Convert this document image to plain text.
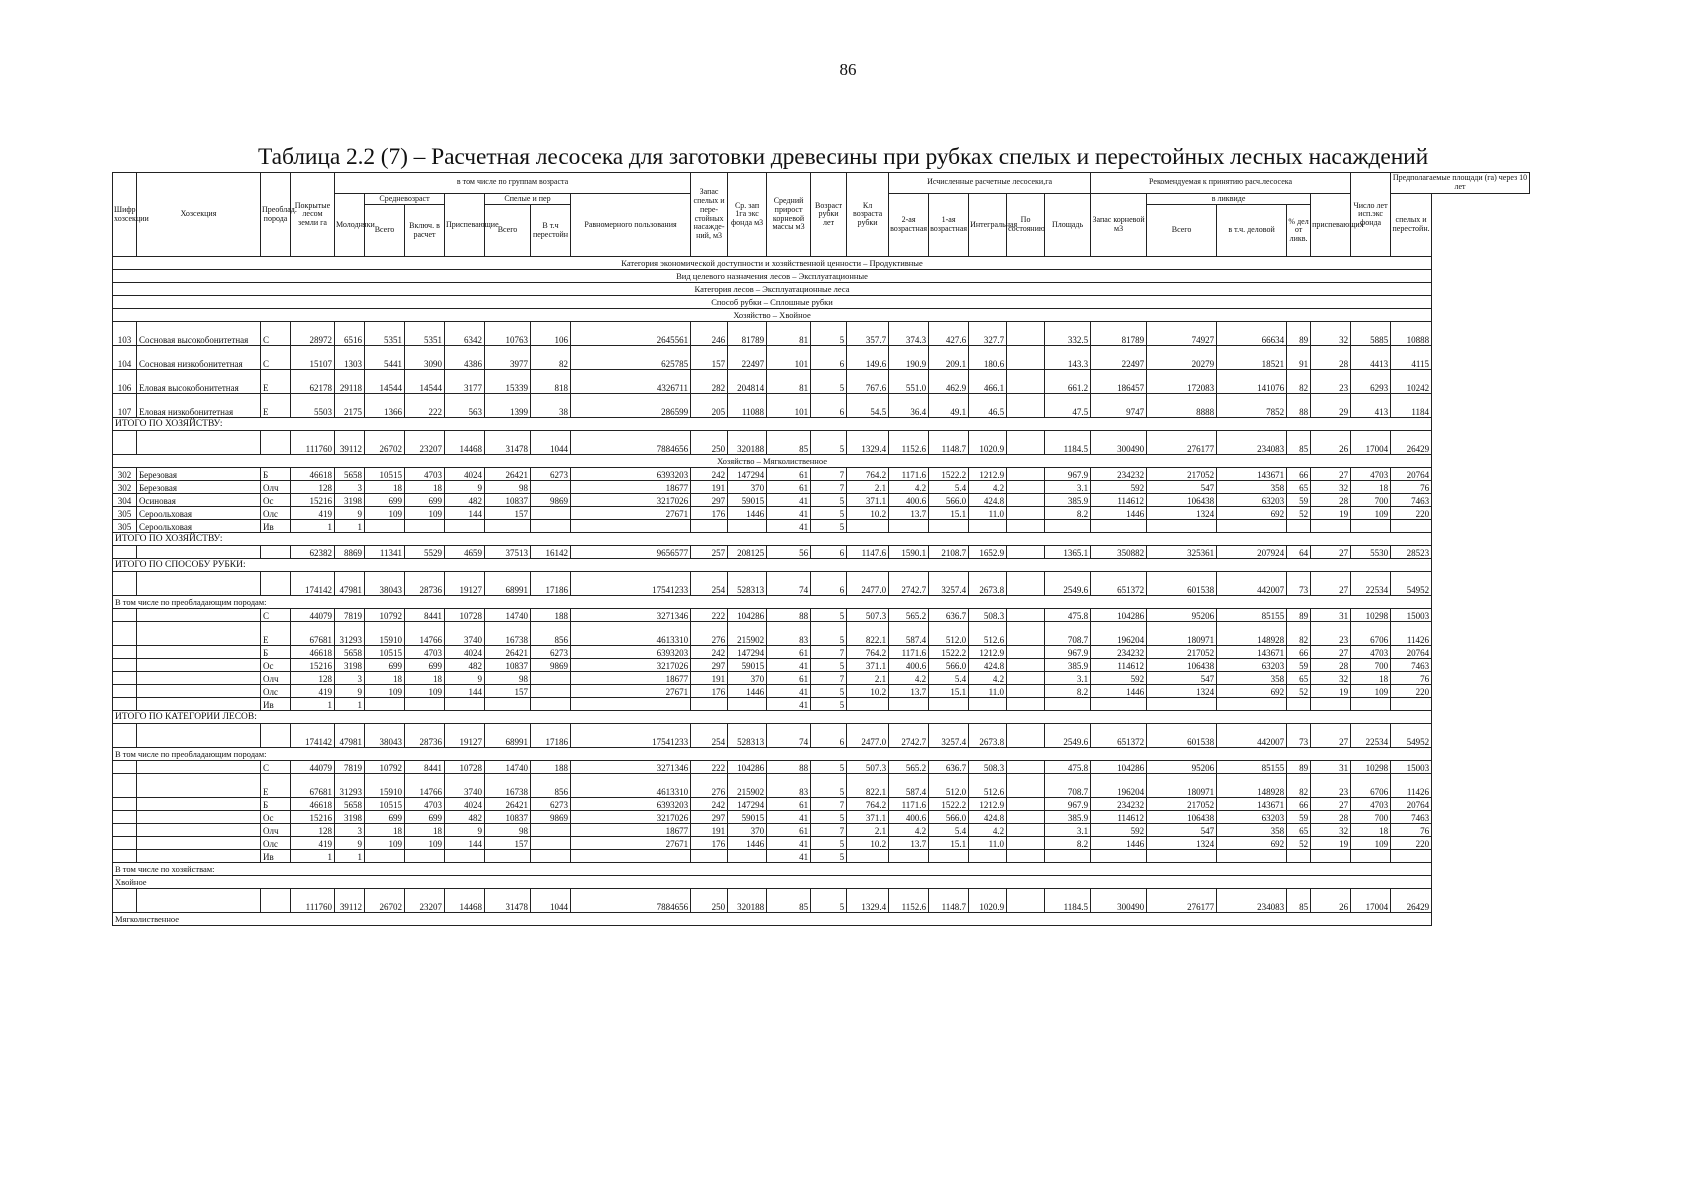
86
Таблица 2.2 (7) – Расчетная лесосека для заготовки древесины при рубках спелых и перестойных лесных насаждений
Шифр хозсекции	Хозсекция	Преоблад. порода	Покрытые лесом земли га	в том числе по группам возраста							Запас спелых и пере- стойных насажде- ний, м3	Ср. зап 1га экс фонда м3	Средний прирост корневой массы м3	Возраст рубки лет	Кл возраста рубки	Исчисленные расчетные лесосеки,га					Рекомендуемая к принятию расч.лесосека					Число лет исп.экс фонда	Предполагаемые площади (га) через 10 лет
				Молодняки	Средневозраст		Приспевающие	Спелые и пер		Равномерного пользования						2-ая возрастная	1-ая возрастная	Интегральная	По состоянию	Площадь	Запас корневой м3	в ликвиде			приспевающих		спелых и перестойн.
					Всего	Включ. в расчет		Всего	В т.ч перестойн													Всего	в т.ч. деловой	% дел от ликв.			
Категория экономической доступности и хозяйственной ценности – Продуктивные																											
Вид целевого назначения лесов – Эксплуатационные																											
Категория лесов – Эксплуатационные леса																											
Способ рубки – Сплошные рубки																											
Хозяйство – Хвойное																											
103	Сосновая высокобонитетная	С	28972	6516	5351	5351	6342	10763	106	2645561	246	81789	81	5	357.7	374.3	427.6	327.7		332.5	81789	74927	66634	89	32	5885	10888
104	Сосновая низкобонитетная	С	15107	1303	5441	3090	4386	3977	82	625785	157	22497	101	6	149.6	190.9	209.1	180.6		143.3	22497	20279	18521	91	28	4413	4115
106	Еловая высокобонитетная	Е	62178	29118	14544	14544	3177	15339	818	4326711	282	204814	81	5	767.6	551.0	462.9	466.1		661.2	186457	172083	141076	82	23	6293	10242
107	Еловая низкобонитетная	Е	5503	2175	1366	222	563	1399	38	286599	205	11088	101	6	54.5	36.4	49.1	46.5		47.5	9747	8888	7852	88	29	413	1184
ИТОГО ПО ХОЗЯЙСТВУ:																											
			111760	39112	26702	23207	14468	31478	1044	7884656	250	320188	85	5	1329.4	1152.6	1148.7	1020.9		1184.5	300490	276177	234083	85	26	17004	26429
Хозяйство – Мягколиственное																											
302	Березовая	Б	46618	5658	10515	4703	4024	26421	6273	6393203	242	147294	61	7	764.2	1171.6	1522.2	1212.9		967.9	234232	217052	143671	66	27	4703	20764
302	Березовая	Олч	128	3	18	18	9	98		18677	191	370	61	7	2.1	4.2	5.4	4.2		3.1	592	547	358	65	32	18	76
304	Осиновая	Ос	15216	3198	699	699	482	10837	9869	3217026	297	59015	41	5	371.1	400.6	566.0	424.8		385.9	114612	106438	63203	59	28	700	7463
305	Сероольховая	Олс	419	9	109	109	144	157		27671	176	1446	41	5	10.2	13.7	15.1	11.0		8.2	1446	1324	692	52	19	109	220
305	Сероольховая	Ив	1	1									41	5													
ИТОГО ПО ХОЗЯЙСТВУ:																											
			62382	8869	11341	5529	4659	37513	16142	9656577	257	208125	56	6	1147.6	1590.1	2108.7	1652.9		1365.1	350882	325361	207924	64	27	5530	28523
ИТОГО ПО СПОСОБУ РУБКИ:																											
			174142	47981	38043	28736	19127	68991	17186	17541233	254	528313	74	6	2477.0	2742.7	3257.4	2673.8		2549.6	651372	601538	442007	73	27	22534	54952
В том числе по преобладающим породам:																											
		С	44079	7819	10792	8441	10728	14740	188	3271346	222	104286	88	5	507.3	565.2	636.7	508.3		475.8	104286	95206	85155	89	31	10298	15003
		Е	67681	31293	15910	14766	3740	16738	856	4613310	276	215902	83	5	822.1	587.4	512.0	512.6		708.7	196204	180971	148928	82	23	6706	11426
		Б	46618	5658	10515	4703	4024	26421	6273	6393203	242	147294	61	7	764.2	1171.6	1522.2	1212.9		967.9	234232	217052	143671	66	27	4703	20764
		Ос	15216	3198	699	699	482	10837	9869	3217026	297	59015	41	5	371.1	400.6	566.0	424.8		385.9	114612	106438	63203	59	28	700	7463
		Олч	128	3	18	18	9	98		18677	191	370	61	7	2.1	4.2	5.4	4.2		3.1	592	547	358	65	32	18	76
		Олс	419	9	109	109	144	157		27671	176	1446	41	5	10.2	13.7	15.1	11.0		8.2	1446	1324	692	52	19	109	220
		Ив	1	1									41	5													
ИТОГО ПО КАТЕГОРИИ ЛЕСОВ:																											
			174142	47981	38043	28736	19127	68991	17186	17541233	254	528313	74	6	2477.0	2742.7	3257.4	2673.8		2549.6	651372	601538	442007	73	27	22534	54952
В том числе по преобладающим породам:																											
		С	44079	7819	10792	8441	10728	14740	188	3271346	222	104286	88	5	507.3	565.2	636.7	508.3		475.8	104286	95206	85155	89	31	10298	15003
		Е	67681	31293	15910	14766	3740	16738	856	4613310	276	215902	83	5	822.1	587.4	512.0	512.6		708.7	196204	180971	148928	82	23	6706	11426
		Б	46618	5658	10515	4703	4024	26421	6273	6393203	242	147294	61	7	764.2	1171.6	1522.2	1212.9		967.9	234232	217052	143671	66	27	4703	20764
		Ос	15216	3198	699	699	482	10837	9869	3217026	297	59015	41	5	371.1	400.6	566.0	424.8		385.9	114612	106438	63203	59	28	700	7463
		Олч	128	3	18	18	9	98		18677	191	370	61	7	2.1	4.2	5.4	4.2		3.1	592	547	358	65	32	18	76
		Олс	419	9	109	109	144	157		27671	176	1446	41	5	10.2	13.7	15.1	11.0		8.2	1446	1324	692	52	19	109	220
		Ив	1	1									41	5													
В том числе по хозяйствам:																											
Хвойное																											
			111760	39112	26702	23207	14468	31478	1044	7884656	250	320188	85	5	1329.4	1152.6	1148.7	1020.9		1184.5	300490	276177	234083	85	26	17004	26429
Мягколиственное																											
